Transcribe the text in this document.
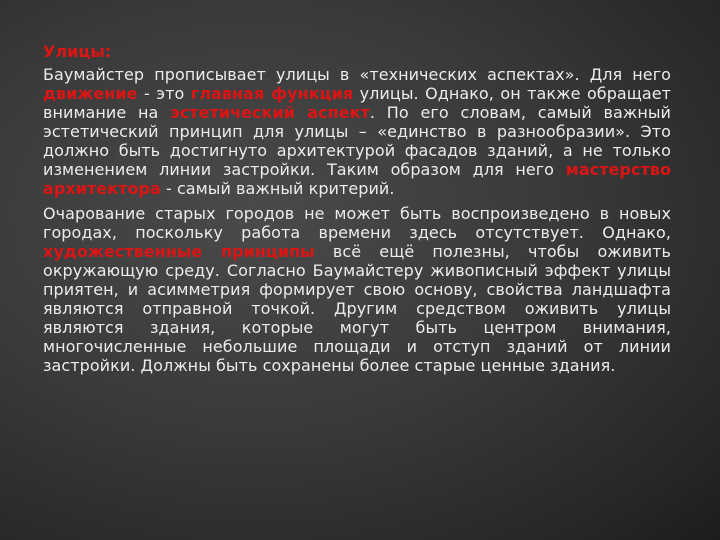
Улицы:
Баумайстер прописывает улицы в «технических аспектах». Для него движение - это главная функция улицы. Однако, он также обращает внимание на эстетический аспект. По его словам, самый важный эстетический принцип для улицы – «единство в разнообразии». Это должно быть достигнуто архитектурой фасадов зданий, а не только изменением линии застройки. Таким образом для него мастерство архитектора - самый важный критерий.
Очарование старых городов не может быть воспроизведено в новых городах, поскольку работа времени здесь отсутствует. Однако, художественные принципы всё ещё полезны, чтобы оживить окружающую среду. Согласно Баумайстеру живописный эффект улицы приятен, и асимметрия формирует свою основу, свойства ландшафта являются отправной точкой. Другим средством оживить улицы являются здания, которые могут быть центром внимания, многочисленные небольшие площади и отступ зданий от линии застройки. Должны быть сохранены более старые ценные здания.
